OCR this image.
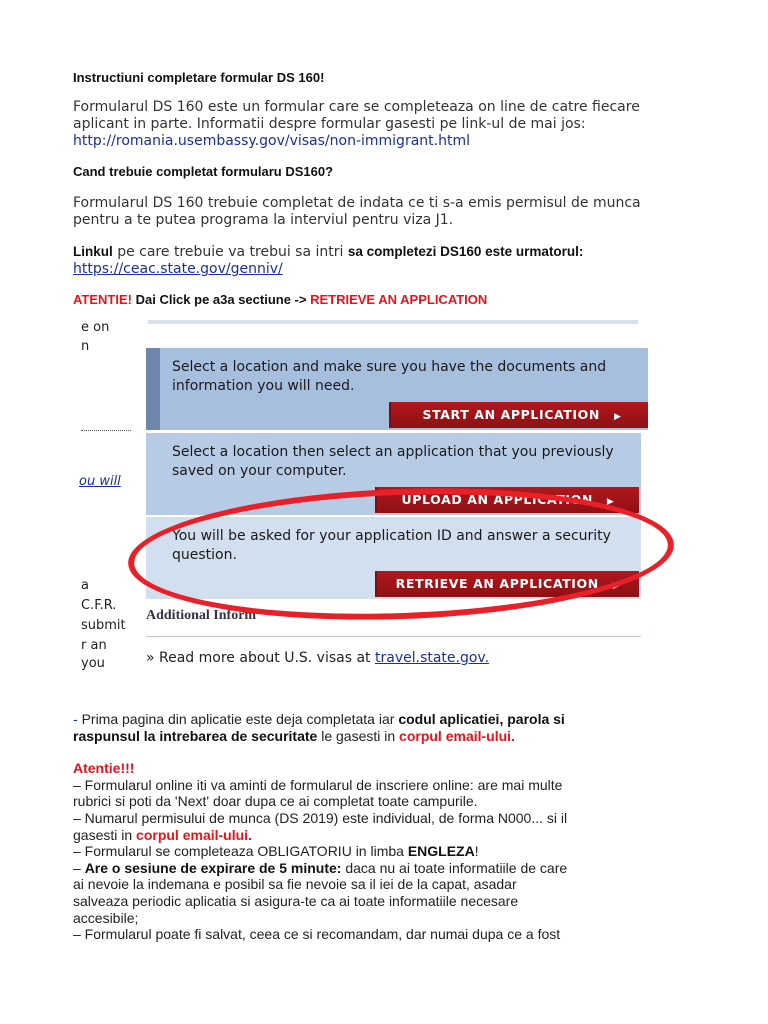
Instructiuni completare formular DS 160!
Formularul DS 160 este un formular care se completeaza on line de catre fiecare
aplicant in parte. Informatii despre formular gasesti pe link-ul de mai jos:
http://romania.usembassy.gov/visas/non-immigrant.html
Cand trebuie completat formularu DS160?
Formularul DS 160 trebuie completat de indata ce ti s-a emis permisul de munca
pentru a te putea programa la interviul pentru viza J1.
Linkul pe care trebuie va trebui sa intri sa completezi DS160 este urmatorul:
https://ceac.state.gov/genniv/
ATENTIE! Dai Click pe a3a sectiune -> RETRIEVE AN APPLICATION
e on
n
ou will
a
C.F.R.
submit
r an
you
Select a location and make sure you have the documents and information you will need.
START AN APPLICATION ▶
Select a location then select an application that you previously saved on your computer.
UPLOAD AN APPLICATION ▶
You will be asked for your application ID and answer a security question.
RETRIEVE AN APPLICATION ▶
Additional Inform
» Read more about U.S. visas at travel.state.gov.
- Prima pagina din aplicatie este deja completata iar codul aplicatiei, parola si
raspunsul la intrebarea de securitate le gasesti in corpul email-ului.
Atentie!!!
– Formularul online iti va aminti de formularul de inscriere online: are mai multe
rubrici si poti da 'Next' doar dupa ce ai completat toate campurile.
– Numarul permisului de munca (DS 2019) este individual, de forma N000... si il
gasesti in corpul email-ului.
– Formularul se completeaza OBLIGATORIU in limba ENGLEZA!
– Are o sesiune de expirare de 5 minute: daca nu ai toate informatiile de care
ai nevoie la indemana e posibil sa fie nevoie sa il iei de la capat, asadar
salveaza periodic aplicatia si asigura-te ca ai toate informatiile necesare
accesibile;
– Formularul poate fi salvat, ceea ce si recomandam, dar numai dupa ce a fost
